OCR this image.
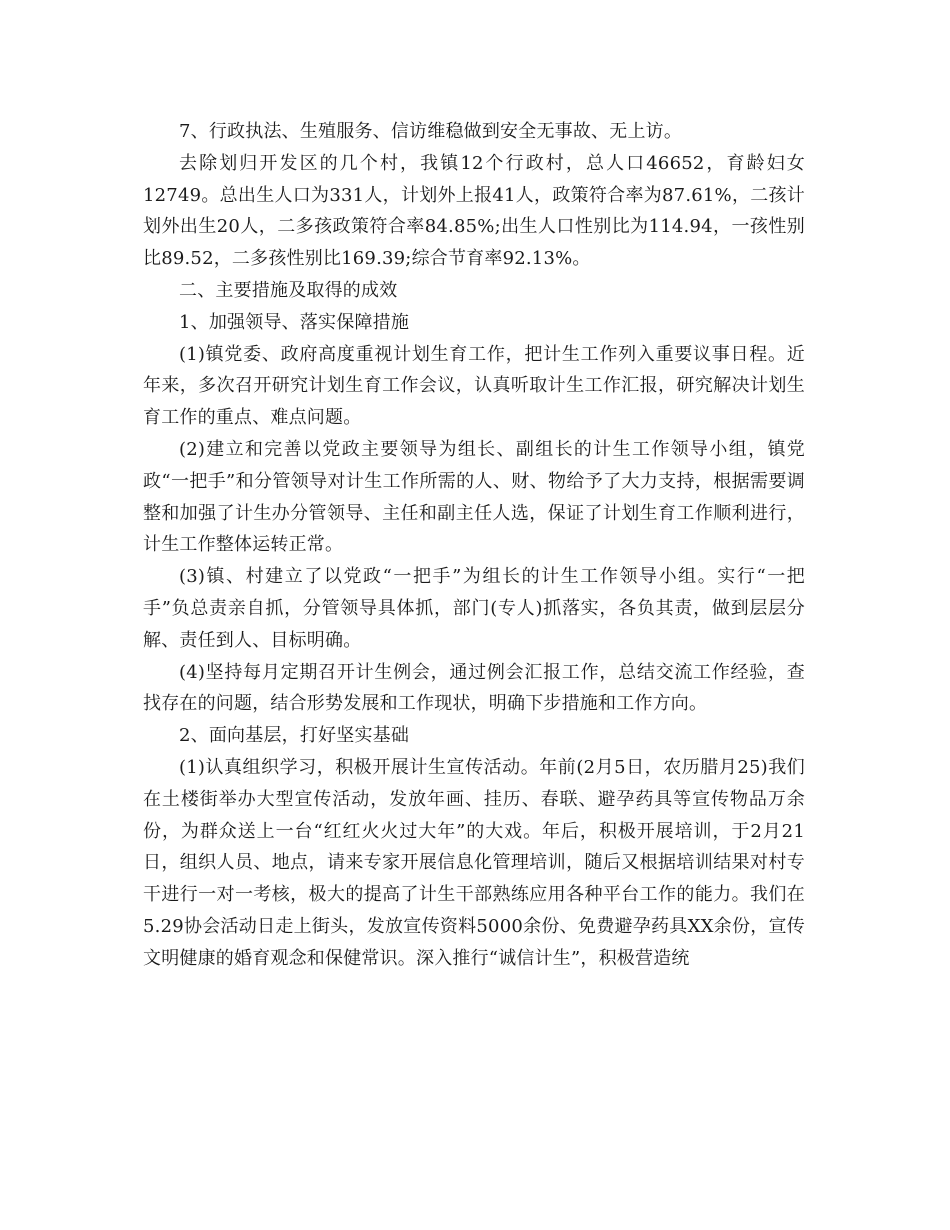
7、行政执法、生殖服务、信访维稳做到安全无事故、无上访。

去除划归开发区的几个村，我镇12个行政村，总人口46652，育龄妇女12749。总出生人口为331人，计划外上报41人，政策符合率为87.61%，二孩计划外出生20人，二多孩政策符合率84.85%;出生人口性别比为114.94，一孩性别比89.52，二多孩性别比169.39;综合节育率92.13%。

二、主要措施及取得的成效

1、加强领导、落实保障措施

(1)镇党委、政府高度重视计划生育工作，把计生工作列入重要议事日程。近年来，多次召开研究计划生育工作会议，认真听取计生工作汇报，研究解决计划生育工作的重点、难点问题。

(2)建立和完善以党政主要领导为组长、副组长的计生工作领导小组，镇党政“一把手”和分管领导对计生工作所需的人、财、物给予了大力支持，根据需要调整和加强了计生办分管领导、主任和副主任人选，保证了计划生育工作顺利进行，计生工作整体运转正常。

(3)镇、村建立了以党政“一把手”为组长的计生工作领导小组。实行“一把手”负总责亲自抓，分管领导具体抓，部门(专人)抓落实，各负其责，做到层层分解、责任到人、目标明确。

(4)坚持每月定期召开计生例会，通过例会汇报工作，总结交流工作经验，查找存在的问题，结合形势发展和工作现状，明确下步措施和工作方向。

2、面向基层，打好坚实基础

(1)认真组织学习，积极开展计生宣传活动。年前(2月5日，农历腊月25)我们在土楼街举办大型宣传活动，发放年画、挂历、春联、避孕药具等宣传物品万余份，为群众送上一台“红红火火过大年”的大戏。年后，积极开展培训，于2月21日，组织人员、地点，请来专家开展信息化管理培训，随后又根据培训结果对村专干进行一对一考核，极大的提高了计生干部熟练应用各种平台工作的能力。我们在5.29协会活动日走上街头，发放宣传资料5000余份、免费避孕药具XX余份，宣传文明健康的婚育观念和保健常识。深入推行“诚信计生”，积极营造统
